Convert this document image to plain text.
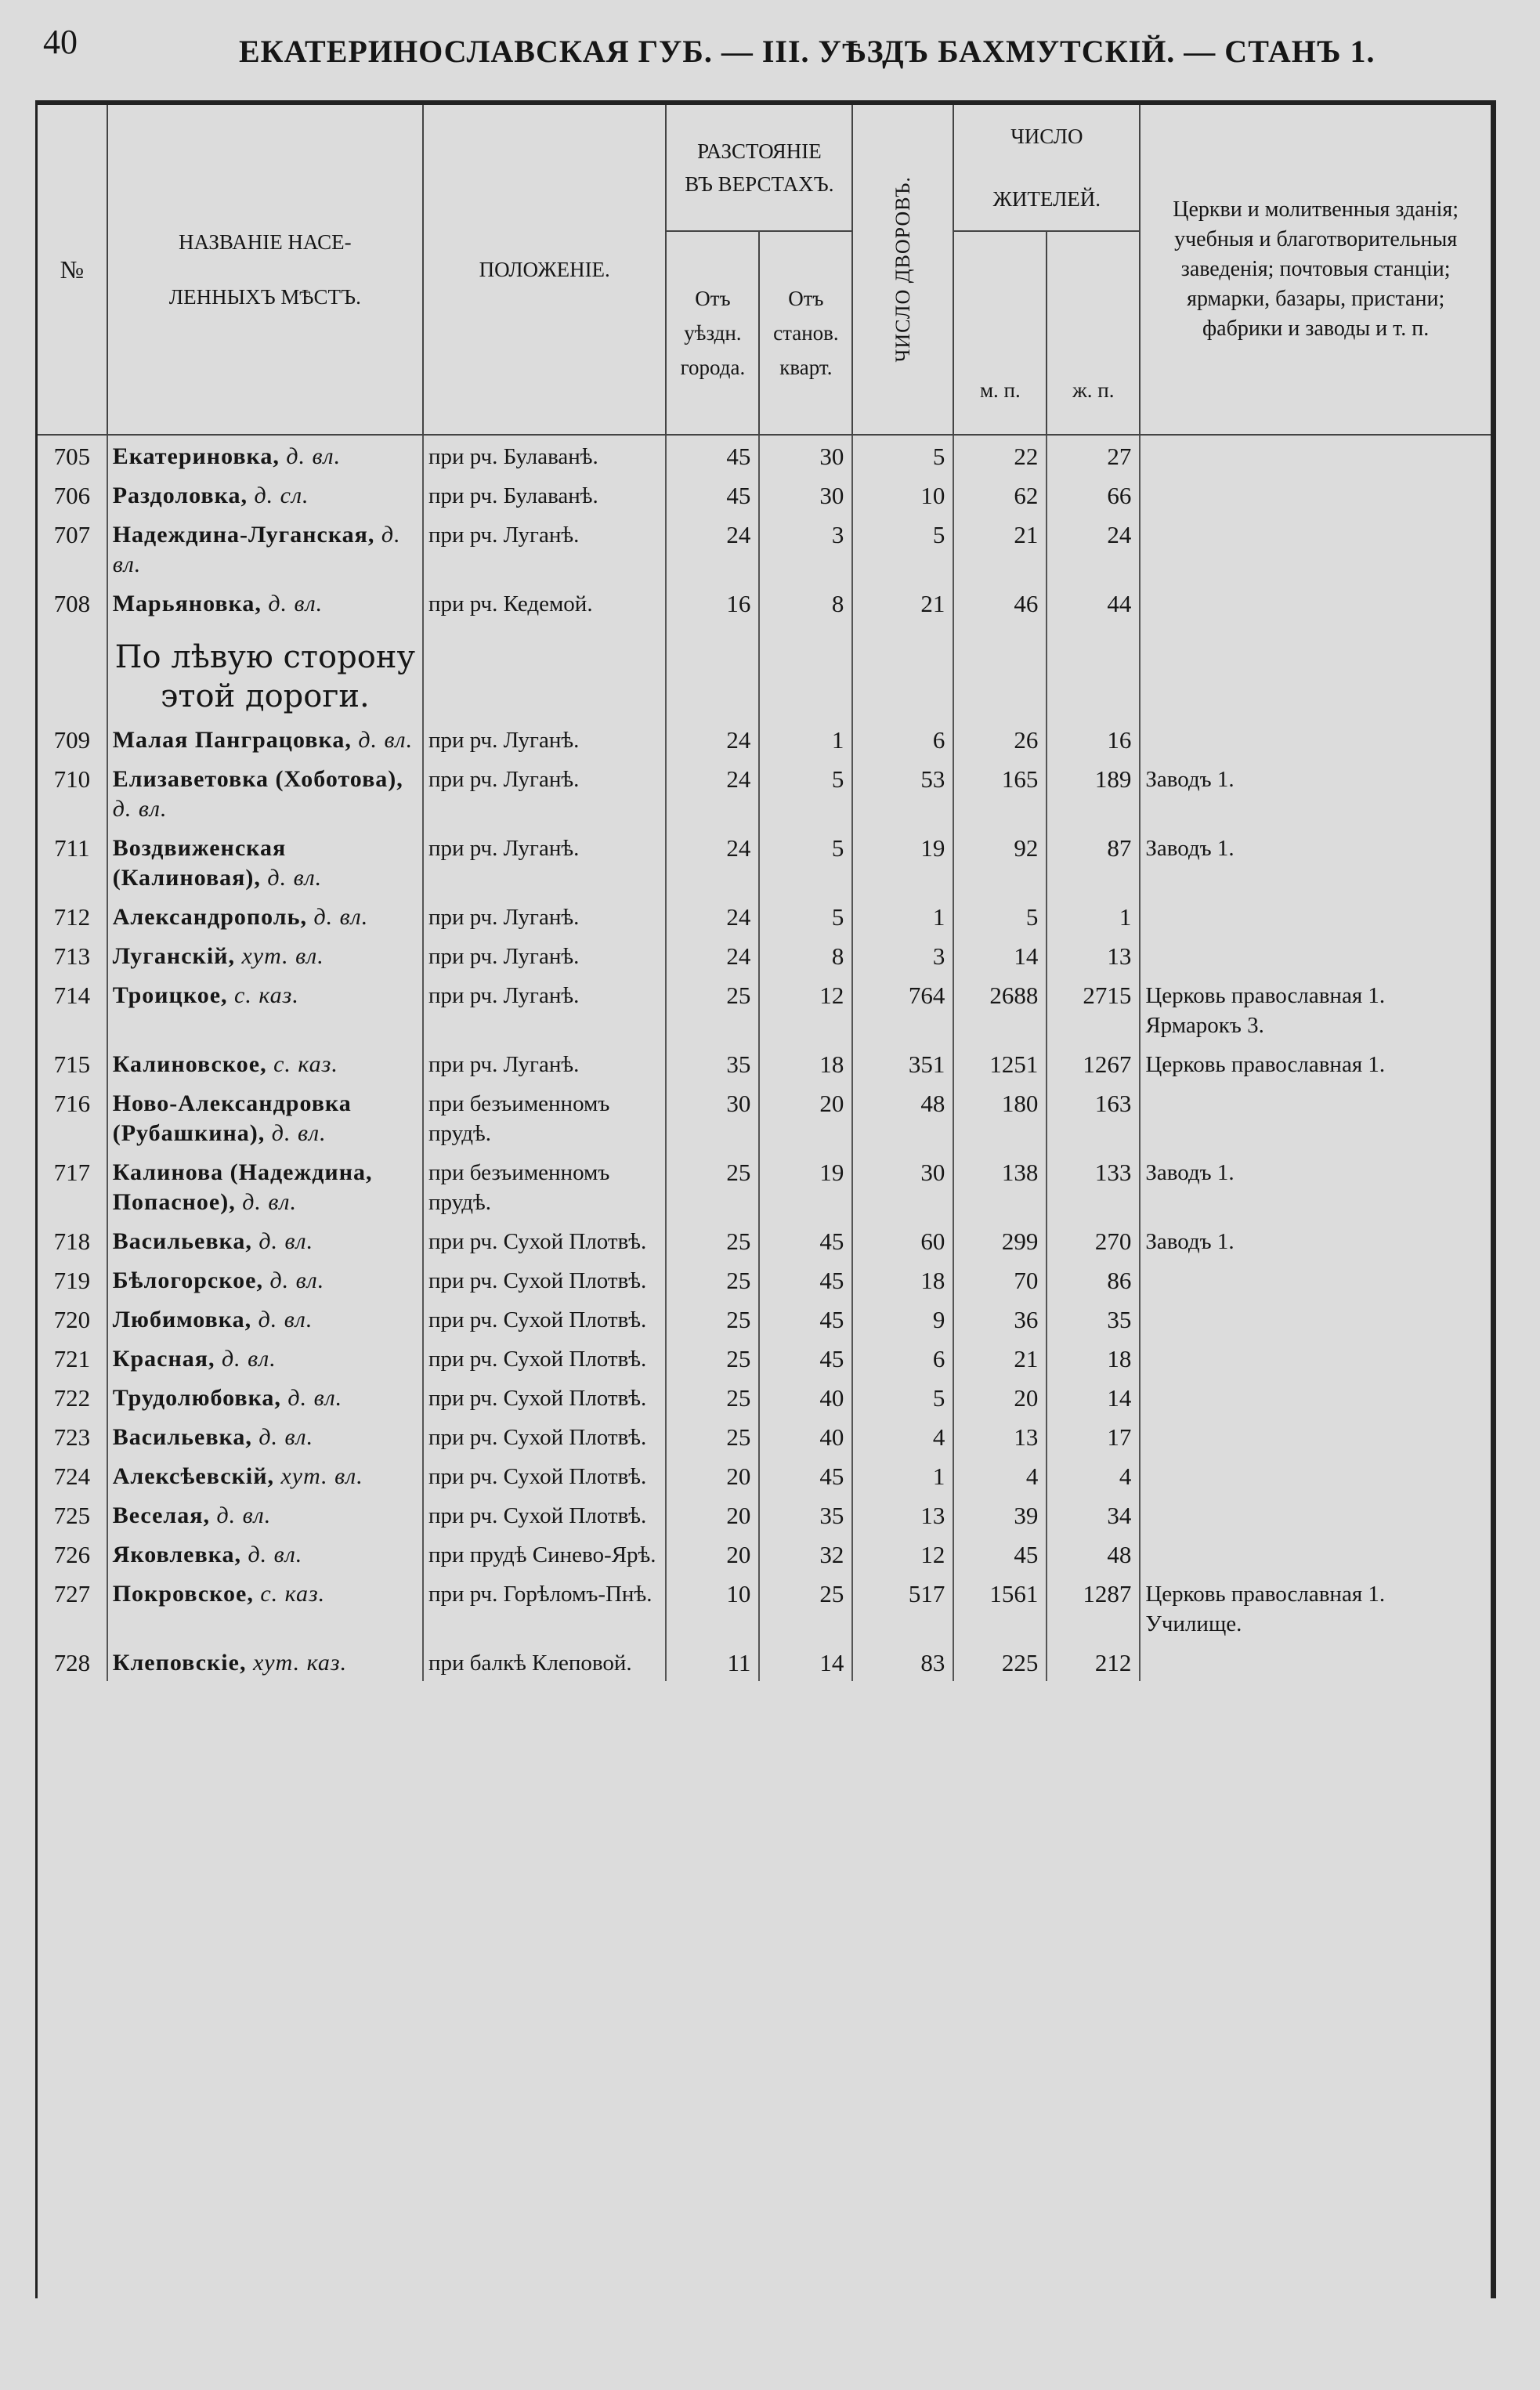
40	ЕКАТЕРИНОСЛАВСКАЯ ГУБ. — III. УѢЗДЪ БАХМУТСКІЙ. — СТАНЪ 1.
№	НАЗВАНІЕ НАСЕ- ЛЕННЫХЪ МѢСТЪ.	ПОЛОЖЕНІЕ.	РАЗСТОЯНІЕ ВЪ ВЕРСТАХЪ.		ЧИСЛО ДВОРОВЪ.	ЧИСЛО ЖИТЕЛЕЙ.		Церкви и молитвенныя зданія; учебныя и благотворительныя заведенія; почтовыя станціи; ярмарки, базары, пристани; фабрики и заводы и т. п.
			Отъ уѣздн. города.	Отъ станов. кварт.		м. п.	ж. п.	
705	Екатериновка, д. вл.	при рч. Булаванѣ.	45	30	5	22	27	
706	Раздоловка, д. сл.	при рч. Булаванѣ.	45	30	10	62	66	
707	Надеждина-Луганская, д. вл.	при рч. Луганѣ.	24	3	5	21	24	
708	Марьяновка, д. вл.	при рч. Кедемой.	16	8	21	46	44	

	По лѣвую сторону этой дороги.							

709	Малая Панграцовка, д. вл.	при рч. Луганѣ.	24	1	6	26	16	
710	Елизаветовка (Хоботова), д. вл.	при рч. Луганѣ.	24	5	53	165	189	Заводъ 1.
711	Воздвиженская (Калиновая), д. вл.	при рч. Луганѣ.	24	5	19	92	87	Заводъ 1.
712	Александрополь, д. вл.	при рч. Луганѣ.	24	5	1	5	1	
713	Луганскій, хут. вл.	при рч. Луганѣ.	24	8	3	14	13	
714	Троицкое, с. каз.	при рч. Луганѣ.	25	12	764	2688	2715	Церковь православная 1. Ярмарокъ 3.
715	Калиновское, с. каз.	при рч. Луганѣ.	35	18	351	1251	1267	Церковь православная 1.
716	Ново-Александровка (Рубашкина), д. вл.	при безъименномъ прудѣ.	30	20	48	180	163	
717	Калинова (Надеждина, Попасное), д. вл.	при безъименномъ прудѣ.	25	19	30	138	133	Заводъ 1.
718	Васильевка, д. вл.	при рч. Сухой Плотвѣ.	25	45	60	299	270	Заводъ 1.
719	Бѣлогорское, д. вл.	при рч. Сухой Плотвѣ.	25	45	18	70	86	
720	Любимовка, д. вл.	при рч. Сухой Плотвѣ.	25	45	9	36	35	
721	Красная, д. вл.	при рч. Сухой Плотвѣ.	25	45	6	21	18	
722	Трудолюбовка, д. вл.	при рч. Сухой Плотвѣ.	25	40	5	20	14	
723	Васильевка, д. вл.	при рч. Сухой Плотвѣ.	25	40	4	13	17	
724	Алексѣевскій, хут. вл.	при рч. Сухой Плотвѣ.	20	45	1	4	4	
725	Веселая, д. вл.	при рч. Сухой Плотвѣ.	20	35	13	39	34	
726	Яковлевка, д. вл.	при прудѣ Синево-Ярѣ.	20	32	12	45	48	
727	Покровское, с. каз.	при рч. Горѣломъ-Пнѣ.	10	25	517	1561	1287	Церковь православная 1. Училище.
728	Клеповскіе, хут. каз.	при балкѣ Клеповой.	11	14	83	225	212	
